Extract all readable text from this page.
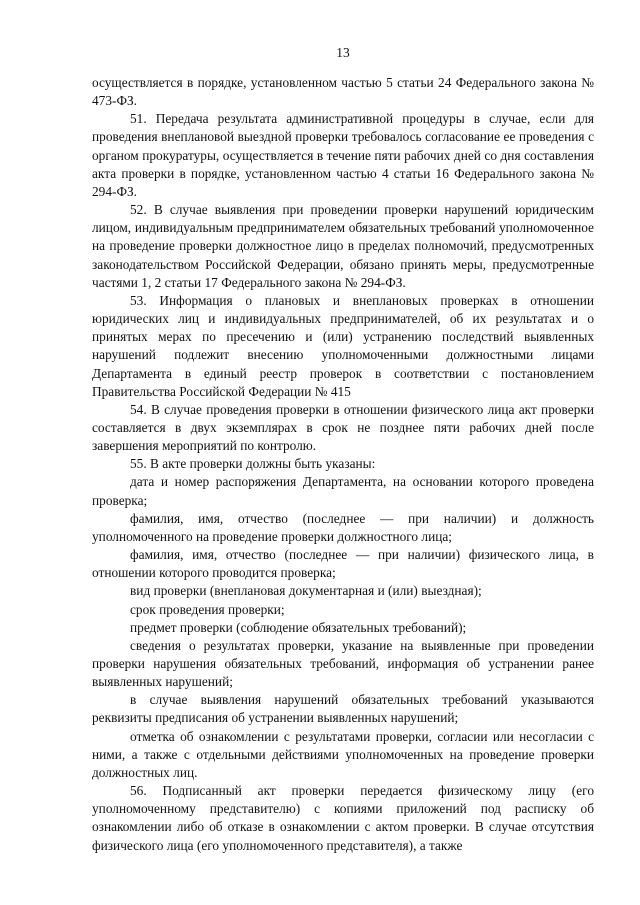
13

осуществляется в порядке, установленном частью 5 статьи 24 Федерального закона № 473-ФЗ.

51. Передача результата административной процедуры в случае, если для проведения внеплановой выездной проверки требовалось согласование ее проведения с органом прокуратуры, осуществляется в течение пяти рабочих дней со дня составления акта проверки в порядке, установленном частью 4 статьи 16 Федерального закона № 294-ФЗ.

52. В случае выявления при проведении проверки нарушений юридическим лицом, индивидуальным предпринимателем обязательных требований уполномоченное на проведение проверки должностное лицо в пределах полномочий, предусмотренных законодательством Российской Федерации, обязано принять меры, предусмотренные частями 1, 2 статьи 17 Федерального закона № 294-ФЗ.

53. Информация о плановых и внеплановых проверках в отношении юридических лиц и индивидуальных предпринимателей, об их результатах и о принятых мерах по пресечению и (или) устранению последствий выявленных нарушений подлежит внесению уполномоченными должностными лицами Департамента в единый реестр проверок в соответствии с постановлением Правительства Российской Федерации № 415

54. В случае проведения проверки в отношении физического лица акт проверки составляется в двух экземплярах в срок не позднее пяти рабочих дней после завершения мероприятий по контролю.

55. В акте проверки должны быть указаны:

дата и номер распоряжения Департамента, на основании которого проведена проверка;

фамилия, имя, отчество (последнее — при наличии) и должность уполномоченного на проведение проверки должностного лица;

фамилия, имя, отчество (последнее — при наличии) физического лица, в отношении которого проводится проверка;

вид проверки (внеплановая документарная и (или) выездная);

срок проведения проверки;

предмет проверки (соблюдение обязательных требований);

сведения о результатах проверки, указание на выявленные при проведении проверки нарушения обязательных требований, информация об устранении ранее выявленных нарушений;

в случае выявления нарушений обязательных требований указываются реквизиты предписания об устранении выявленных нарушений;

отметка об ознакомлении с результатами проверки, согласии или несогласии с ними, а также с отдельными действиями уполномоченных на проведение проверки должностных лиц.

56. Подписанный акт проверки передается физическому лицу (его уполномоченному представителю) с копиями приложений под расписку об ознакомлении либо об отказе в ознакомлении с актом проверки. В случае отсутствия физического лица (его уполномоченного представителя), а также
